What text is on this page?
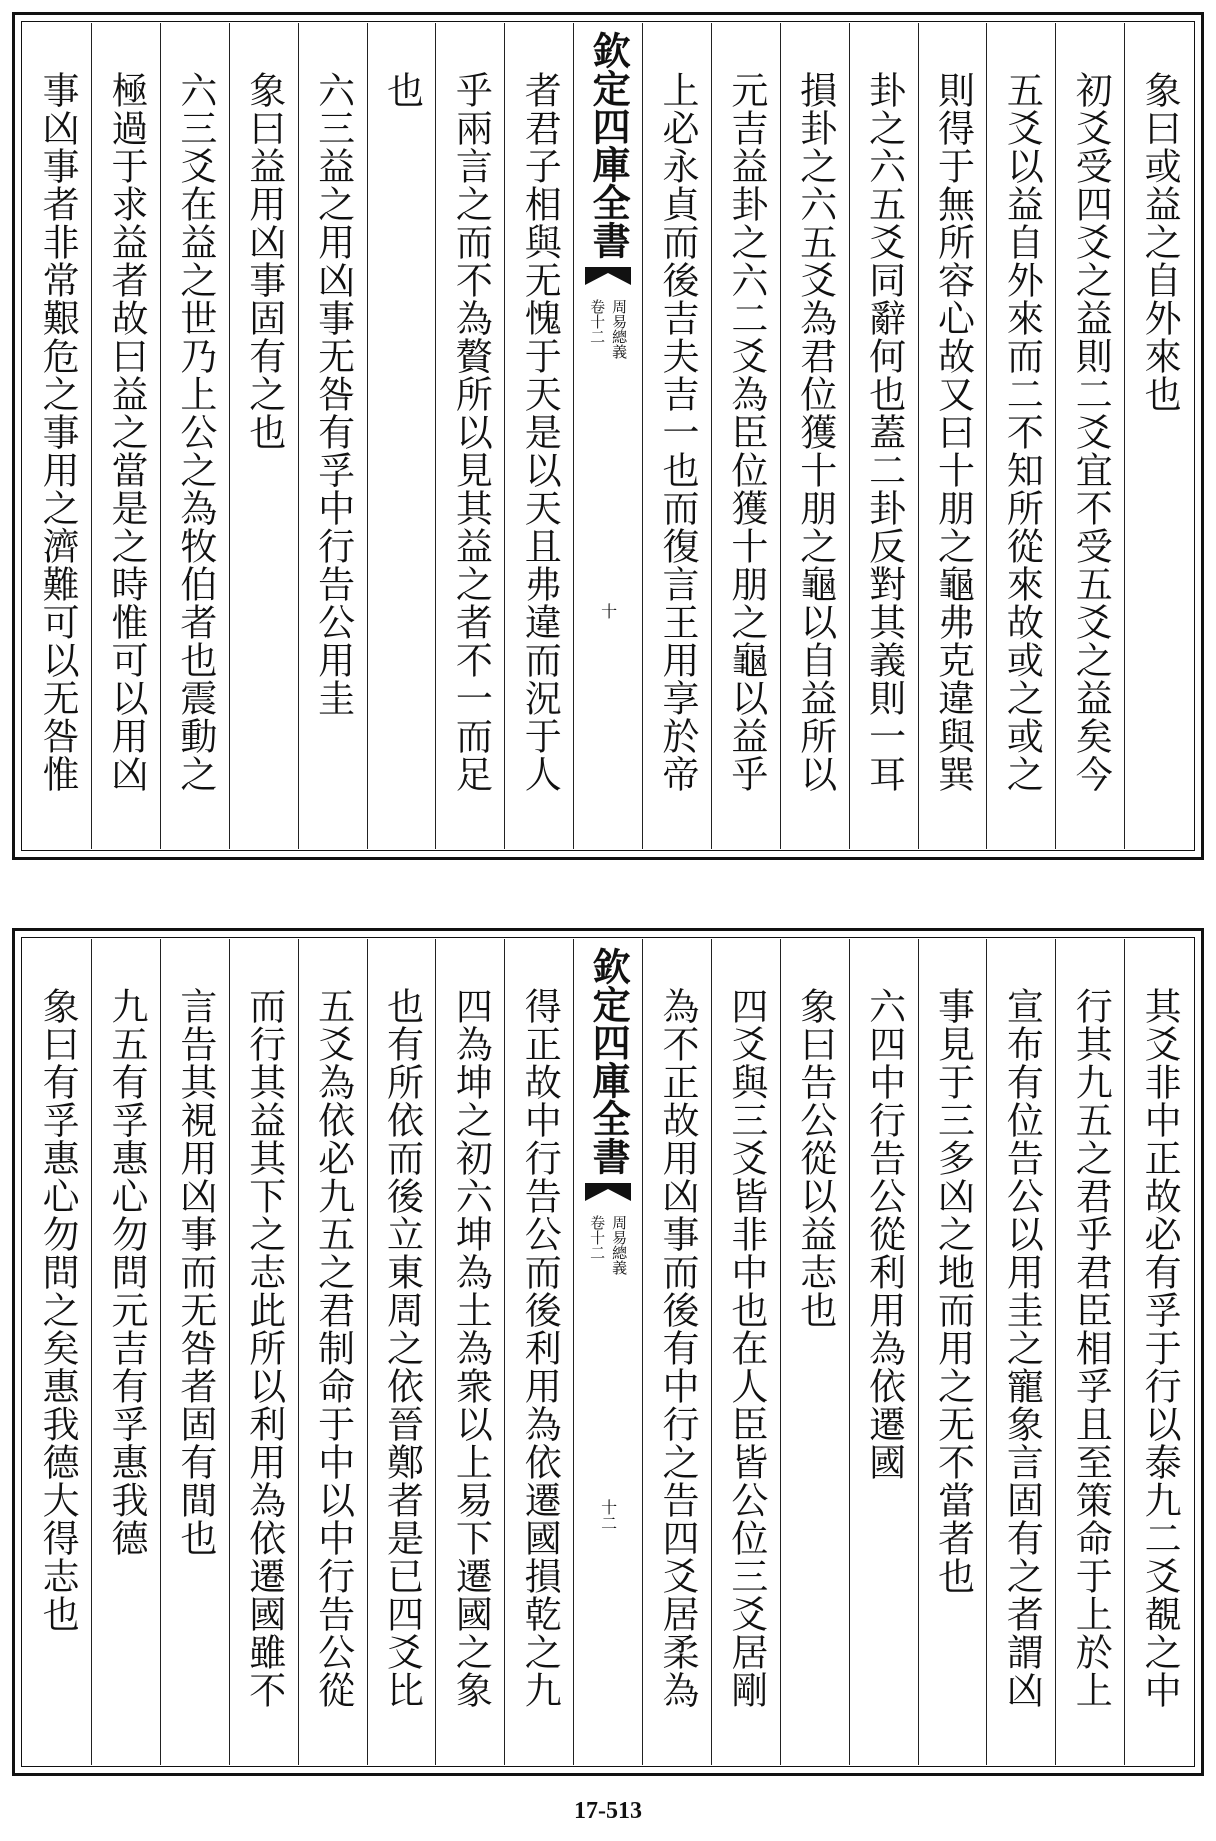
象曰或益之自外來也
初爻受四爻之益則二爻宜不受五爻之益矣今
五爻以益自外來而二不知所從來故或之或之
則得于無所容心故又曰十朋之龜弗克違與巽
卦之六五爻同辭何也蓋二卦反對其義則一耳
損卦之六五爻為君位獲十朋之龜以自益所以
元吉益卦之六二爻為臣位獲十朋之龜以益乎
上必永貞而後吉夫吉一也而復言王用享於帝
欽定四庫全書
周易總義
卷十二
十
者君子相與无愧于天是以天且弗違而況于人
乎兩言之而不為贅所以見其益之者不一而足
也
六三益之用凶事无咎有孚中行告公用圭
象曰益用凶事固有之也
六三爻在益之世乃上公之為牧伯者也震動之
極過于求益者故曰益之當是之時惟可以用凶
事凶事者非常艱危之事用之濟難可以无咎惟
其爻非中正故必有孚于行以泰九二爻覩之中
行其九五之君乎君臣相孚且至策命于上於上
宣布有位告公以用圭之寵象言固有之者謂凶
事見于三多凶之地而用之无不當者也
六四中行告公從利用為依遷國
象曰告公從以益志也
四爻與三爻皆非中也在人臣皆公位三爻居剛
為不正故用凶事而後有中行之告四爻居柔為
欽定四庫全書
周易總義
卷十二
十二
得正故中行告公而後利用為依遷國損乾之九
四為坤之初六坤為土為衆以上易下遷國之象
也有所依而後立東周之依晉鄭者是已四爻比
五爻為依必九五之君制命于中以中行告公從
而行其益其下之志此所以利用為依遷國雖不
言告其視用凶事而无咎者固有間也
九五有孚惠心勿問元吉有孚惠我德
象曰有孚惠心勿問之矣惠我德大得志也
17-513
